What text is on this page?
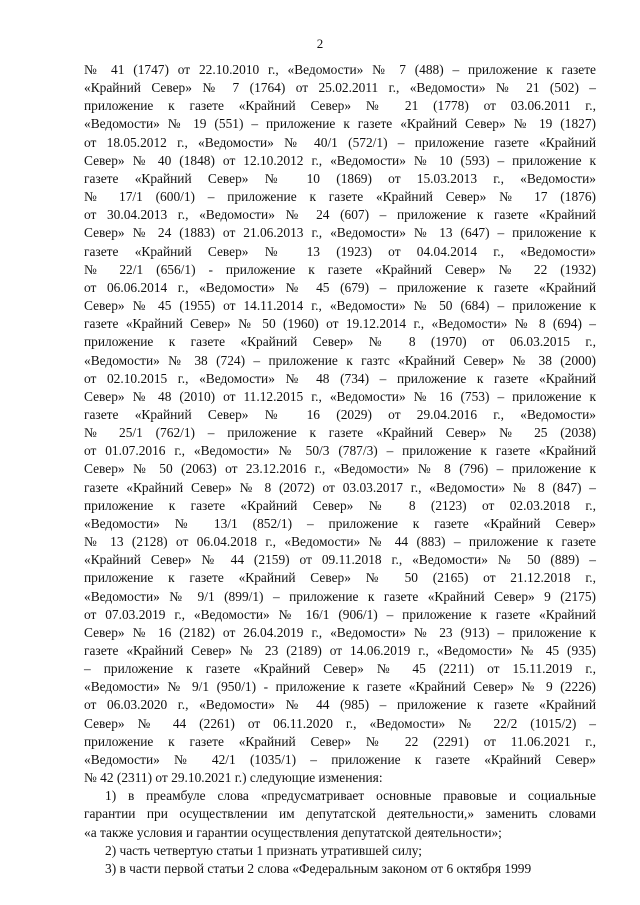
2
№ 41 (1747) от 22.10.2010 г., «Ведомости» № 7 (488) – приложение к газете
«Крайний Север» № 7 (1764) от 25.02.2011 г., «Ведомости» № 21 (502) –
приложение к газете «Крайний Север» № 21 (1778) от 03.06.2011 г.,
«Ведомости» № 19 (551) – приложение к газете «Крайний Север» № 19 (1827)
от 18.05.2012 г., «Ведомости» № 40/1 (572/1) – приложение газете «Крайний
Север» № 40 (1848) от 12.10.2012 г., «Ведомости» № 10 (593) – приложение к
газете «Крайний Север» № 10 (1869) от 15.03.2013 г., «Ведомости»
№ 17/1 (600/1) – приложение к газете «Крайний Север» № 17 (1876)
от 30.04.2013 г., «Ведомости» № 24 (607) – приложение к газете «Крайний
Север» № 24 (1883) от 21.06.2013 г., «Ведомости» № 13 (647) – приложение к
газете «Крайний Север» № 13 (1923) от 04.04.2014 г., «Ведомости»
№ 22/1 (656/1) - приложение к газете «Крайний Север» № 22 (1932)
от 06.06.2014 г., «Ведомости» № 45 (679) – приложение к газете «Крайний
Север» № 45 (1955) от 14.11.2014 г., «Ведомости» № 50 (684) – приложение к
газете «Крайний Север» № 50 (1960) от 19.12.2014 г., «Ведомости» № 8 (694) –
приложение к газете «Крайний Север» № 8 (1970) от 06.03.2015 г.,
«Ведомости» № 38 (724) – приложение к газтс «Крайний Север» № 38 (2000)
от 02.10.2015 г., «Ведомости» № 48 (734) – приложение к газете «Крайний
Север» № 48 (2010) от 11.12.2015 г., «Ведомости» № 16 (753) – приложение к
газете «Крайний Север» № 16 (2029) от 29.04.2016 г., «Ведомости»
№ 25/1 (762/1) – приложение к газете «Крайний Север» № 25 (2038)
от 01.07.2016 г., «Ведомости» № 50/3 (787/3) – приложение к газете «Крайний
Север» № 50 (2063) от 23.12.2016 г., «Ведомости» № 8 (796) – приложение к
газете «Крайний Север» № 8 (2072) от 03.03.2017 г., «Ведомости» № 8 (847) –
приложение к газете «Крайний Север» № 8 (2123) от 02.03.2018 г.,
«Ведомости» № 13/1 (852/1) – приложение к газете «Крайний Север»
№ 13 (2128) от 06.04.2018 г., «Ведомости» № 44 (883) – приложение к газете
«Крайний Север» № 44 (2159) от 09.11.2018 г., «Ведомости» № 50 (889) –
приложение к газете «Крайний Север» № 50 (2165) от 21.12.2018 г.,
«Ведомости» № 9/1 (899/1) – приложение к газете «Крайний Север» 9 (2175)
от 07.03.2019 г., «Ведомости» № 16/1 (906/1) – приложение к газете «Крайний
Север» № 16 (2182) от 26.04.2019 г., «Ведомости» № 23 (913) – приложение к
газете «Крайний Север» № 23 (2189) от 14.06.2019 г., «Ведомости» № 45 (935)
– приложение к газете «Крайний Север» № 45 (2211) от 15.11.2019 г.,
«Ведомости» № 9/1 (950/1) - приложение к газете «Крайний Север» № 9 (2226)
от 06.03.2020 г., «Ведомости» № 44 (985) – приложение к газете «Крайний
Север» № 44 (2261) от 06.11.2020 г., «Ведомости» № 22/2 (1015/2) –
приложение к газете «Крайний Север» № 22 (2291) от 11.06.2021 г.,
«Ведомости» № 42/1 (1035/1) – приложение к газете «Крайний Север»
№ 42 (2311) от 29.10.2021 г.) следующие изменения:
1) в преамбуле слова «предусматривает основные правовые и социальные
гарантии при осуществлении им депутатской деятельности,» заменить словами
«а также условия и гарантии осуществления депутатской деятельности»;
2) часть четвертую статьи 1 признать утратившей силу;
3) в части первой статьи 2 слова «Федеральным законом от 6 октября 1999
